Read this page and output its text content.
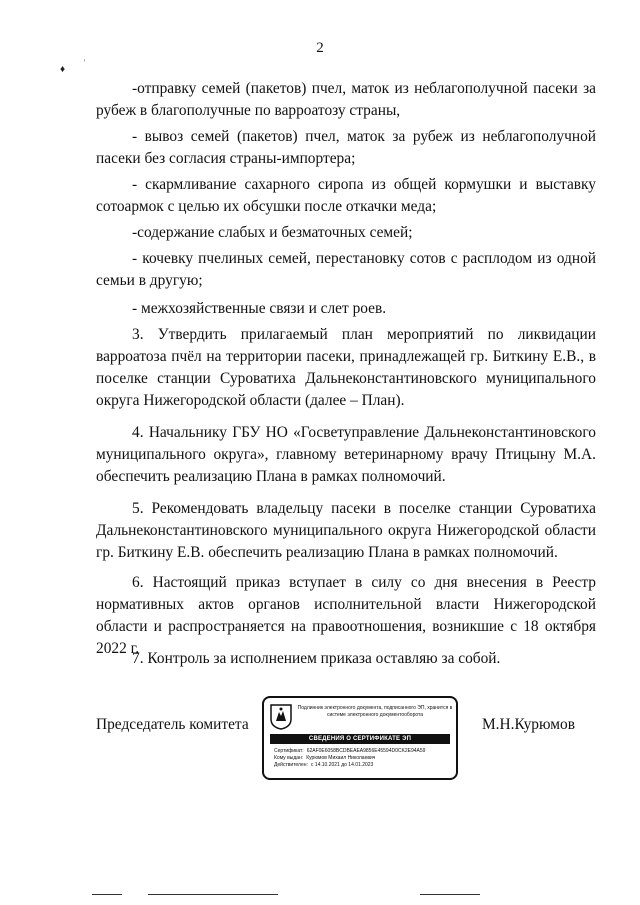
2
♦
'

-отправку семей (пакетов) пчел, маток из неблагополучной пасеки за рубеж в благополучные по варроатозу страны,

- вывоз семей (пакетов) пчел, маток за рубеж из неблагополучной пасеки без согласия страны-импортера;

- скармливание сахарного сиропа из общей кормушки и выставку сотоармок с целью их обсушки после откачки меда;

-содержание слабых и безматочных семей;

- кочевку пчелиных семей, перестановку сотов с расплодом из одной семьи в другую;

- межхозяйственные связи и слет роев.

3. Утвердить прилагаемый план мероприятий по ликвидации варроатоза пчёл на территории пасеки, принадлежащей гр. Биткину Е.В., в поселке станции Суроватиха Дальнеконстантиновского муниципального округа Нижегородской области (далее – План).

4. Начальнику ГБУ НО «Госветуправление Дальнеконстантиновского муниципального округа», главному ветеринарному врачу Птицыну М.А. обеспечить реализацию Плана в рамках полномочий.

5. Рекомендовать владельцу пасеки в поселке станции Суроватиха Дальнеконстантиновского муниципального округа Нижегородской области гр. Биткину Е.В. обеспечить реализацию Плана в рамках полномочий.

6. Настоящий приказ вступает в силу со дня внесения в Реестр нормативных актов органов исполнительной власти Нижегородской области и распространяется на правоотношения, возникшие с 18 октября 2022 г.

7. Контроль за исполнением приказа оставляю за собой.

Председатель комитета
Подлинник электронного документа, подписанного ЭП, хранится в системе электронного документооборота
СВЕДЕНИЯ О СЕРТИФИКАТЕ ЭП
Сертификат: 62AF0E6058BCDBEAEA9856E45594D0CK2E94A59
Кому выдан: Курюмов Михаил Николаевич
Действителен: с 14.10.2021 до 14.01.2023
М.Н.Курюмов
